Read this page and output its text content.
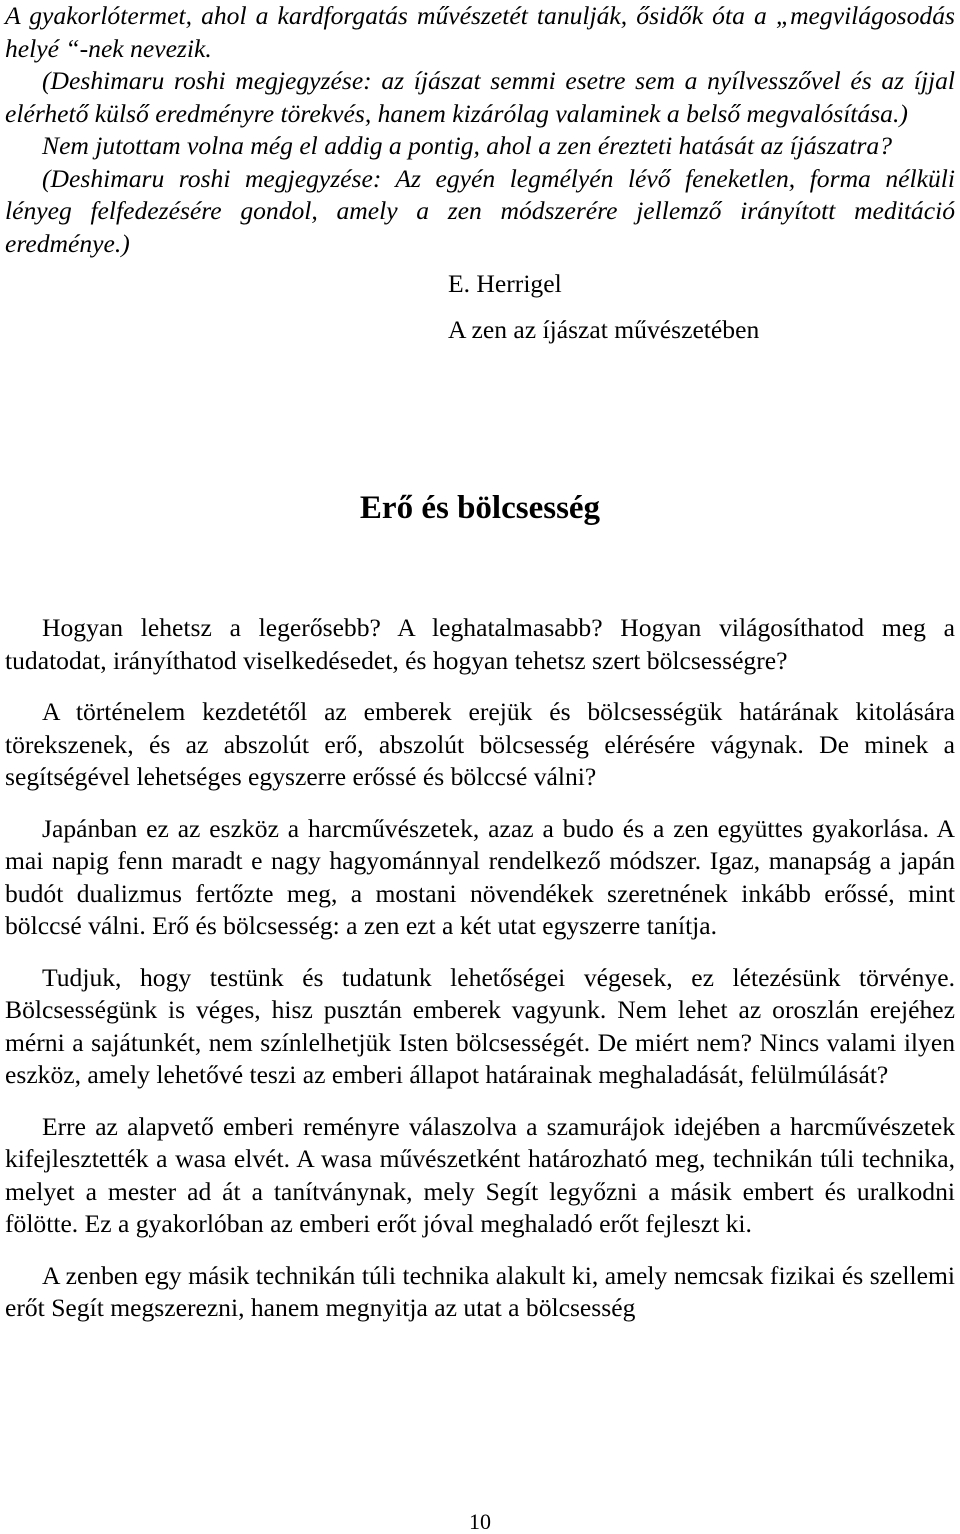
A gyakorlótermet, ahol a kardforgatás művészetét tanulják, ősidők óta a „megvilágosodás helyé “-nek nevezik.

(Deshimaru roshi megjegyzése: az íjászat semmi esetre sem a nyílvesszővel és az íjjal elérhető külső eredményre törekvés, hanem kizárólag valaminek a belső megvalósítása.)

Nem jutottam volna még el addig a pontig, ahol a zen érezteti hatását az íjászatra?

(Deshimaru roshi megjegyzése: Az egyén legmélyén lévő feneketlen, forma nélküli lényeg felfedezésére gondol, amely a zen módszerére jellemző irányított meditáció eredménye.)

E. Herrigel

A zen az íjászat művészetében

Erő és bölcsesség

Hogyan lehetsz a legerősebb? A leghatalmasabb? Hogyan világosíthatod meg a tudatodat, irányíthatod viselkedésedet, és hogyan tehetsz szert bölcsességre?

A történelem kezdetétől az emberek erejük és bölcsességük határának kitolására törekszenek, és az abszolút erő, abszolút bölcsesség elérésére vágynak. De minek a segítségével lehetséges egyszerre erőssé és bölccsé válni?

Japánban ez az eszköz a harcművészetek, azaz a budo és a zen együttes gyakorlása. A mai napig fenn maradt e nagy hagyománnyal rendelkező módszer. Igaz, manapság a japán budót dualizmus fertőzte meg, a mostani növendékek szeretnének inkább erőssé, mint bölccsé válni. Erő és bölcsesség: a zen ezt a két utat egyszerre tanítja.

Tudjuk, hogy testünk és tudatunk lehetőségei végesek, ez létezésünk törvénye. Bölcsességünk is véges, hisz pusztán emberek vagyunk. Nem lehet az oroszlán erejéhez mérni a sajátunkét, nem színlelhetjük Isten bölcsességét. De miért nem? Nincs valami ilyen eszköz, amely lehetővé teszi az emberi állapot határainak meghaladását, felülmúlását?

Erre az alapvető emberi reményre válaszolva a szamurájok idejében a harcművészetek kifejlesztették a wasa elvét. A wasa művészetként határozható meg, technikán túli technika, melyet a mester ad át a tanítványnak, mely Segít legyőzni a másik embert és uralkodni fölötte. Ez a gyakorlóban az emberi erőt jóval meghaladó erőt fejleszt ki.

A zenben egy másik technikán túli technika alakult ki, amely nemcsak fizikai és szellemi erőt Segít megszerezni, hanem megnyitja az utat a bölcsesség

10
